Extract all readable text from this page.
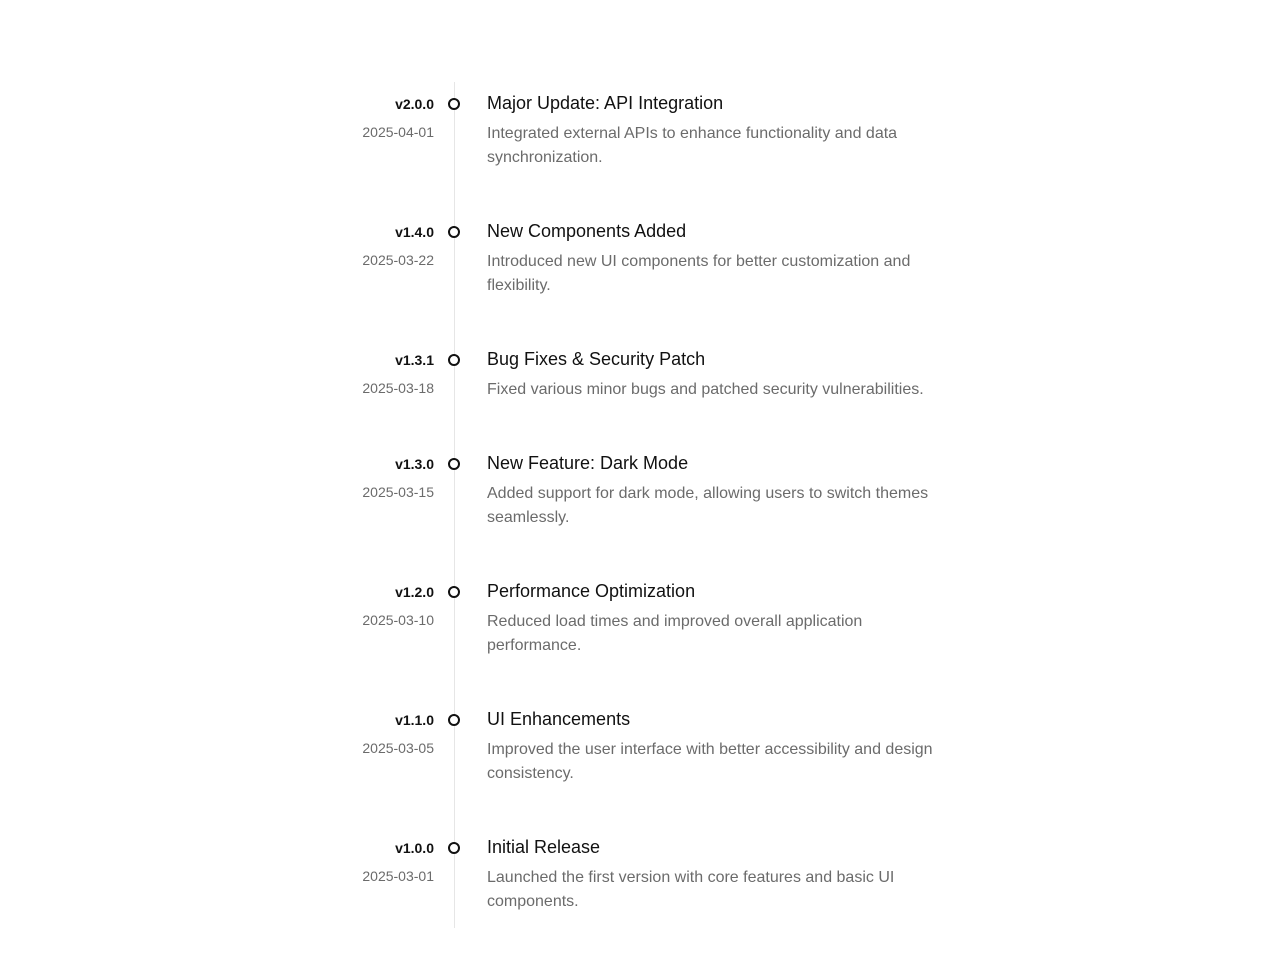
v2.0.0
2025-04-01
Major Update: API Integration

Integrated external APIs to enhance functionality and data synchronization.

v1.4.0
2025-03-22
New Components Added

Introduced new UI components for better customization and flexibility.

v1.3.1
2025-03-18
Bug Fixes & Security Patch

Fixed various minor bugs and patched security vulnerabilities.

v1.3.0
2025-03-15
New Feature: Dark Mode

Added support for dark mode, allowing users to switch themes seamlessly.

v1.2.0
2025-03-10
Performance Optimization

Reduced load times and improved overall application performance.

v1.1.0
2025-03-05
UI Enhancements

Improved the user interface with better accessibility and design consistency.

v1.0.0
2025-03-01
Initial Release

Launched the first version with core features and basic UI components.
